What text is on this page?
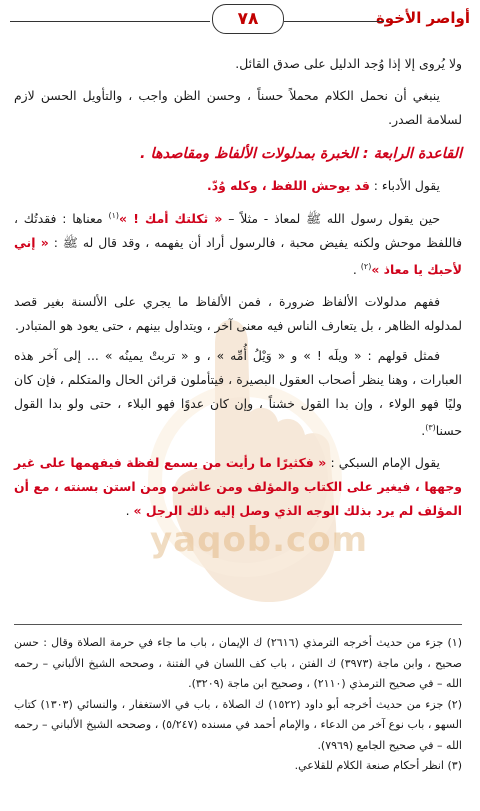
yaqob.com
أواصر الأخوة
٧٨

ولا يُروى إلا إذا وُجد الدليل على صدق القائل.

ينبغي أن نحمل الكلام محملاً حسناً ، وحسن الظن واجب ، والتأويل الحسن لازم لسلامة الصدر.

القاعدة الرابعة : الخبرة بمدلولات الألفاظ ومقاصدها .

يقول الأدباء : قد يوحش اللفظ ، وكله وُدّ.

حين يقول رسول الله ﷺ لمعاذ - مثلاً – « ثكلتك أمك ! »$^{(١)}$ معناها : فقدتُك ، فاللفظ موحش ولكنه يفيض محبة ، فالرسول أراد أن يفهمه ، وقد قال له ﷺ : « إني لأحبك يا معاذ »$^{(٢)}$ .

ففهم مدلولات الألفاظ ضرورة ، فمن الألفاظ ما يجري على الألسنة بغير قصد لمدلوله الظاهر ، بل يتعارف الناس فيه معنى آخر ، ويتداول بينهم ، حتى يعود هو المتبادر.

فمثل قولهم : « ويلَه ! » و « وَيْلُ أُمِّه » ، و « تربتْ يمينُه » ... إلى آخر هذه العبارات ، وهنا ينظر أصحاب العقول البصيرة ، فيتأملون قرائن الحال والمتكلم ، فإن كان وليًا فهو الولاء ، وإن بدا القول خشناً ، وإن كان عدوًا فهو البلاء ، حتى ولو بدا القول حسنا$^{(٣)}$.

يقول الإمام السبكي : « فكثيرًا ما رأيت من يسمع لفظة فيفهمها على غير وجهها ، فيغير على الكتاب والمؤلف ومن عاشره ومن استن بسنته ، مع أن المؤلف لم يرد بذلك الوجه الذي وصل إليه ذلك الرجل » .

(١) جزء من حديث أخرجه الترمذي (٢٦١٦) ك الإيمان ، باب ما جاء في حرمة الصلاة وقال : حسن صحيح ، وابن ماجة (٣٩٧٣) ك الفتن ، باب كف اللسان في الفتنة ، وصححه الشيخ الألباني – رحمه الله – في صحيح الترمذي (٢١١٠) ، وصحيح ابن ماجة (٣٢٠٩).

(٢) جزء من حديث أخرجه أبو داود (١٥٢٢) ك الصلاة ، باب في الاستغفار ، والنسائي (١٣٠٣) كتاب السهو ، باب نوع آخر من الدعاء ، والإمام أحمد في مسنده (٥/٢٤٧) ، وصححه الشيخ الألباني – رحمه الله – في صحيح الجامع (٧٩٦٩).

(٣) انظر أحكام صنعة الكلام للقلاعي.
